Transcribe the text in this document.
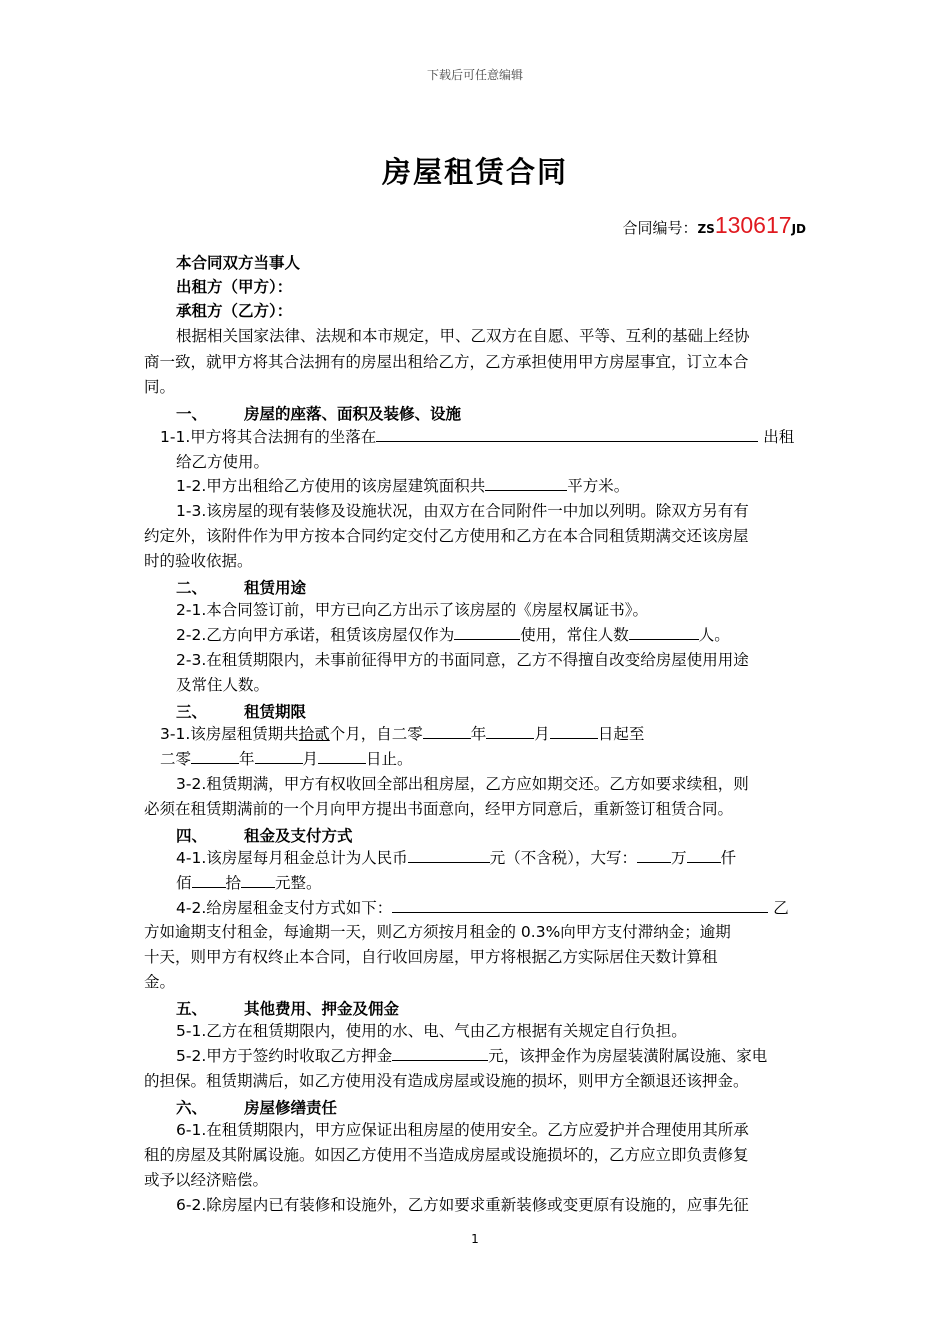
下载后可任意编辑
房屋租赁合同
合同编号：ZS130617JD
本合同双方当事人
出租方（甲方）：
承租方（乙方）：
根据相关国家法律、法规和本市规定，甲、乙双方在自愿、平等、互利的基础上经协
商一致，就甲方将其合法拥有的房屋出租给乙方，乙方承担使用甲方房屋事宜，订立本合
同。
一、 房屋的座落、面积及装修、设施
1-1.甲方将其合法拥有的坐落在	出租
给乙方使用。
1-2.甲方出租给乙方使用的该房屋建筑面积共	平方米。
1-3.该房屋的现有装修及设施状况，由双方在合同附件一中加以列明。除双方另有有
约定外，该附件作为甲方按本合同约定交付乙方使用和乙方在本合同租赁期满交还该房屋
时的验收依据。
二、 租赁用途
2-1.本合同签订前，甲方已向乙方出示了该房屋的《房屋权属证书》。
2-2.乙方向甲方承诺，租赁该房屋仅作为	使用，常住人数	人。
2-3.在租赁期限内，未事前征得甲方的书面同意，乙方不得擅自改变给房屋使用用途
及常住人数。
三、 租赁期限
3-1.该房屋租赁期共拾贰个月，自二零	年	月	日起至
二零	年	月	日止。
3-2.租赁期满，甲方有权收回全部出租房屋，乙方应如期交还。乙方如要求续租，则
必须在租赁期满前的一个月向甲方提出书面意向，经甲方同意后，重新签订租赁合同。
四、 租金及支付方式
4-1.该房屋每月租金总计为人民币	元（不含税），大写： 万 仟
佰 拾 元整。
4-2.给房屋租金支付方式如下：	乙
方如逾期支付租金，每逾期一天，则乙方须按月租金的 0.3%向甲方支付滞纳金；逾期
十天，则甲方有权终止本合同，自行收回房屋，甲方将根据乙方实际居住天数计算租
金。
五、 其他费用、押金及佣金
5-1.乙方在租赁期限内，使用的水、电、气由乙方根据有关规定自行负担。
5-2.甲方于签约时收取乙方押金	元，该押金作为房屋装潢附属设施、家电
的担保。租赁期满后，如乙方使用没有造成房屋或设施的损坏，则甲方全额退还该押金。
六、 房屋修缮责任
6-1.在租赁期限内，甲方应保证出租房屋的使用安全。乙方应爱护并合理使用其所承
租的房屋及其附属设施。如因乙方使用不当造成房屋或设施损坏的，乙方应立即负责修复
或予以经济赔偿。
6-2.除房屋内已有装修和设施外，乙方如要求重新装修或变更原有设施的，应事先征
1
